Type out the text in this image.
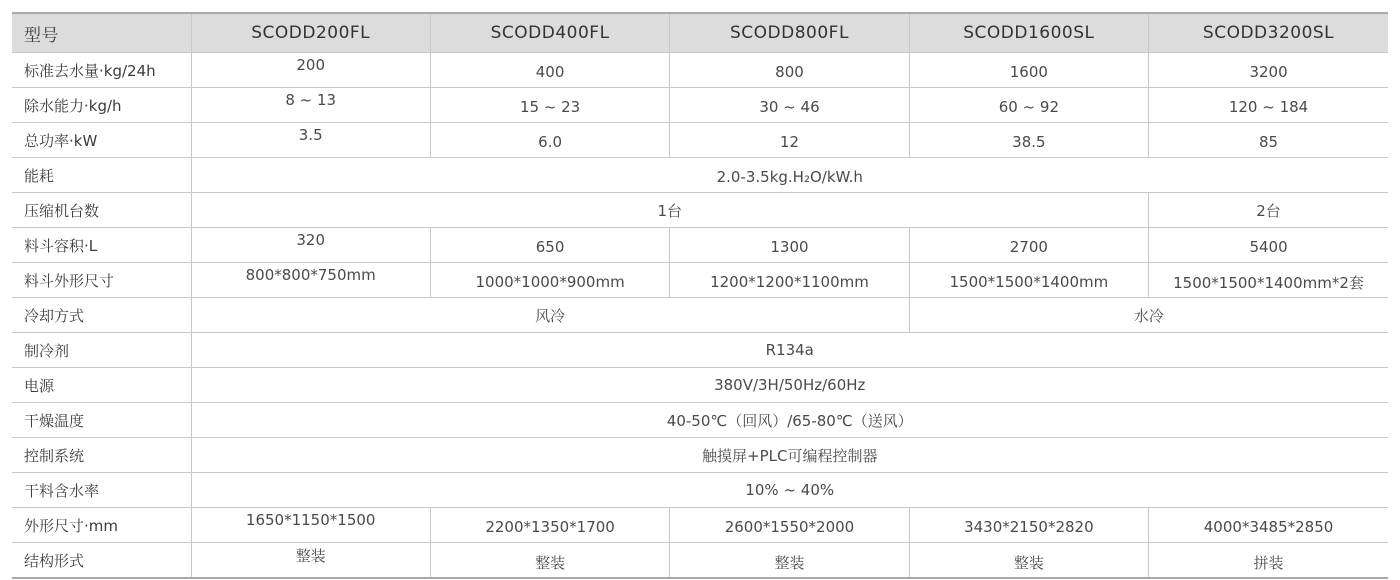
型号	SCODD200FL	SCODD400FL	SCODD800FL	SCODD1600SL	SCODD3200SL
标准去水量·kg/24h	200	400	800	1600	3200
除水能力·kg/h	8 ~ 13	15 ~ 23	30 ~ 46	60 ~ 92	120 ~ 184
总功率·kW	3.5	6.0	12	38.5	85
能耗	2.0-3.5kg.H₂O/kW.h				
压缩机台数	1台				2台
料斗容积·L	320	650	1300	2700	5400
料斗外形尺寸	800*800*750mm	1000*1000*900mm	1200*1200*1100mm	1500*1500*1400mm	1500*1500*1400mm*2套
冷却方式	风冷			水冷	
制冷剂	R134a				
电源	380V/3H/50Hz/60Hz				
干燥温度	40-50℃（回风）/65-80℃（送风）				
控制系统	触摸屏+PLC可编程控制器				
干料含水率	10% ~ 40%				
外形尺寸·mm	1650*1150*1500	2200*1350*1700	2600*1550*2000	3430*2150*2820	4000*3485*2850
结构形式	整装	整装	整装	整装	拼装
